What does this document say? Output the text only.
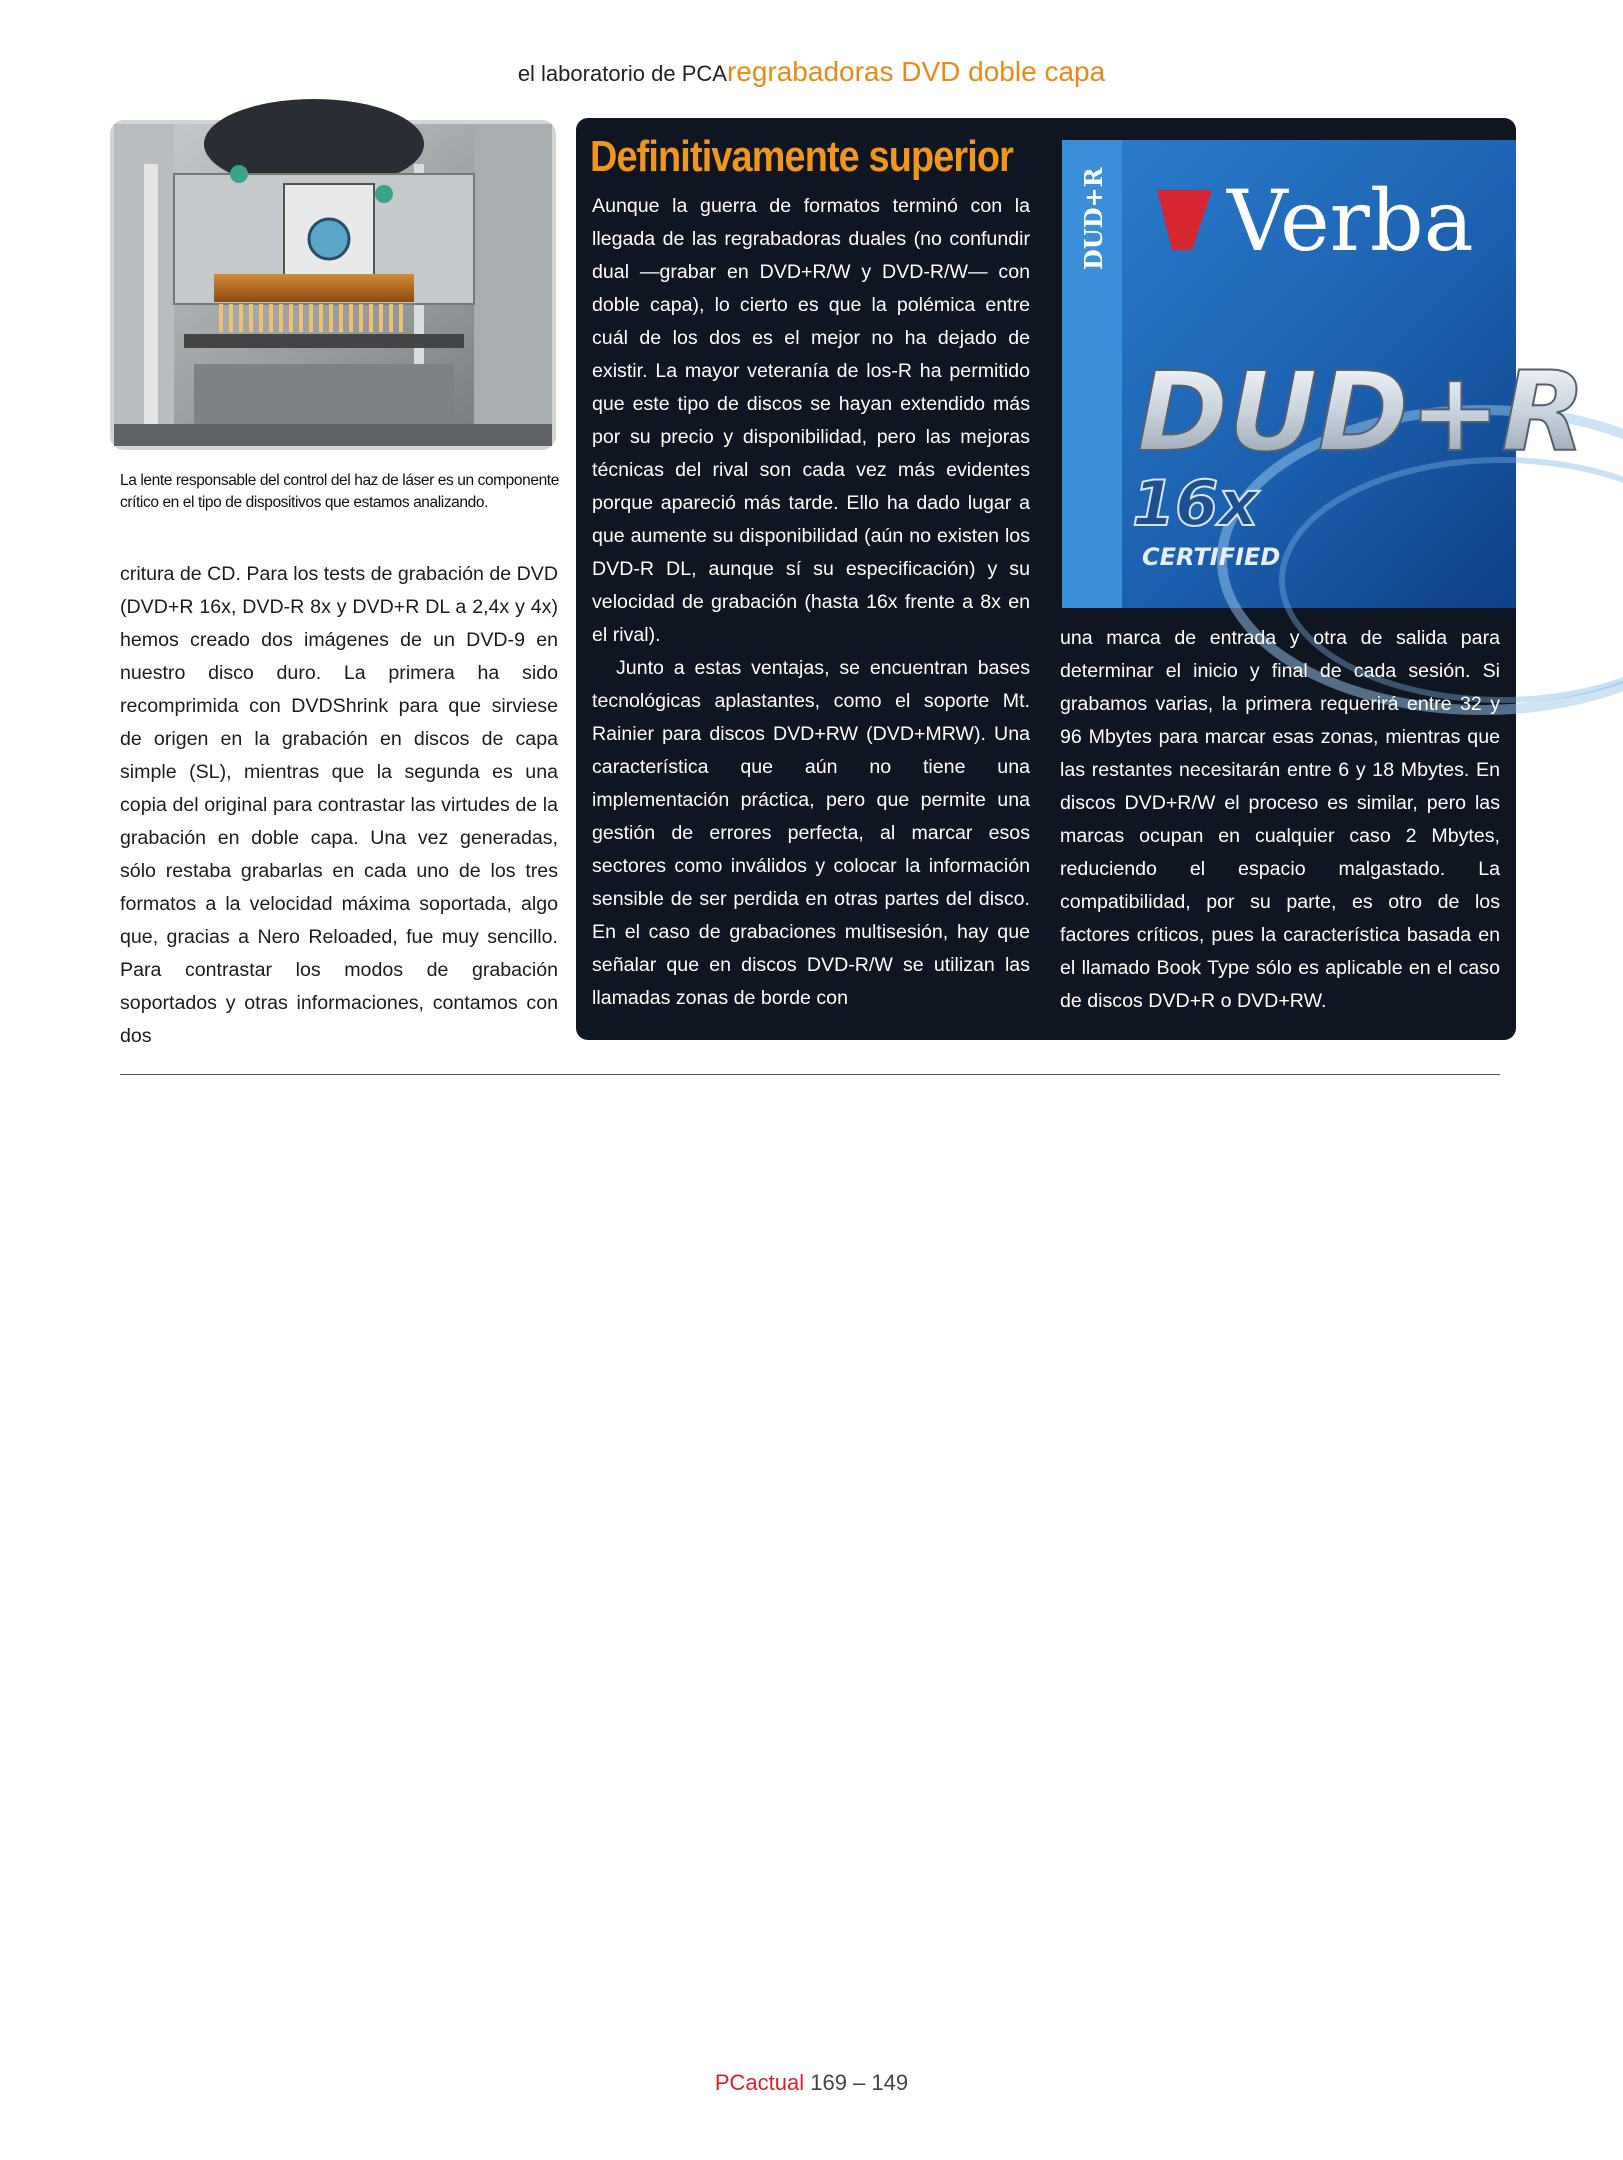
el laboratorio de PCAregrabadoras DVD doble capa
La lente responsable del control del haz de láser es un componente crítico en el tipo de dispositivos que estamos analizando.
critura de CD. Para los tests de grabación de DVD (DVD+R 16x, DVD-R 8x y DVD+R DL a 2,4x y 4x) hemos creado dos imágenes de un DVD-9 en nuestro disco duro. La primera ha sido recomprimida con DVDShrink para que sirviese de origen en la grabación en discos de capa simple (SL), mientras que la segunda es una copia del original para contrastar las virtudes de la grabación en doble capa. Una vez generadas, sólo restaba grabarlas en cada uno de los tres formatos a la velocidad máxima soportada, algo que, gracias a Nero Reloaded, fue muy sencillo. Para contrastar los modos de grabación soportados y otras informaciones, contamos con dos
Definitivamente superior

Aunque la guerra de formatos terminó con la llegada de las regrabadoras duales (no confundir dual —grabar en DVD+R/W y DVD-R/W— con doble capa), lo cierto es que la polémica entre cuál de los dos es el mejor no ha dejado de existir. La mayor veteranía de los-R ha permitido que este tipo de discos se hayan extendido más por su precio y disponibilidad, pero las mejoras técnicas del rival son cada vez más evidentes porque apareció más tarde. Ello ha dado lugar a que aumente su disponibilidad (aún no existen los DVD-R DL, aunque sí su especificación) y su velocidad de grabación (hasta 16x frente a 8x en el rival).

Junto a estas ventajas, se encuentran bases tecnológicas aplastantes, como el soporte Mt. Rainier para discos DVD+RW (DVD+MRW). Una característica que aún no tiene una implementación práctica, pero que permite una gestión de errores perfecta, al marcar esos sectores como inválidos y colocar la información sensible de ser perdida en otras partes del disco. En el caso de grabaciones multisesión, hay que señalar que en discos DVD-R/W se utilizan las llamadas zonas de borde con

DUD+R Verba
DUD+R
16x
CERTIFIED
una marca de entrada y otra de salida para determinar el inicio y final de cada sesión. Si grabamos varias, la primera requerirá entre 32 y 96 Mbytes para marcar esas zonas, mientras que las restantes necesitarán entre 6 y 18 Mbytes. En discos DVD+R/W el proceso es similar, pero las marcas ocupan en cualquier caso 2 Mbytes, reduciendo el espacio malgastado. La compatibilidad, por su parte, es otro de los factores críticos, pues la característica basada en el llamado Book Type sólo es aplicable en el caso de discos DVD+R o DVD+RW.
PCactual 169 – 149
